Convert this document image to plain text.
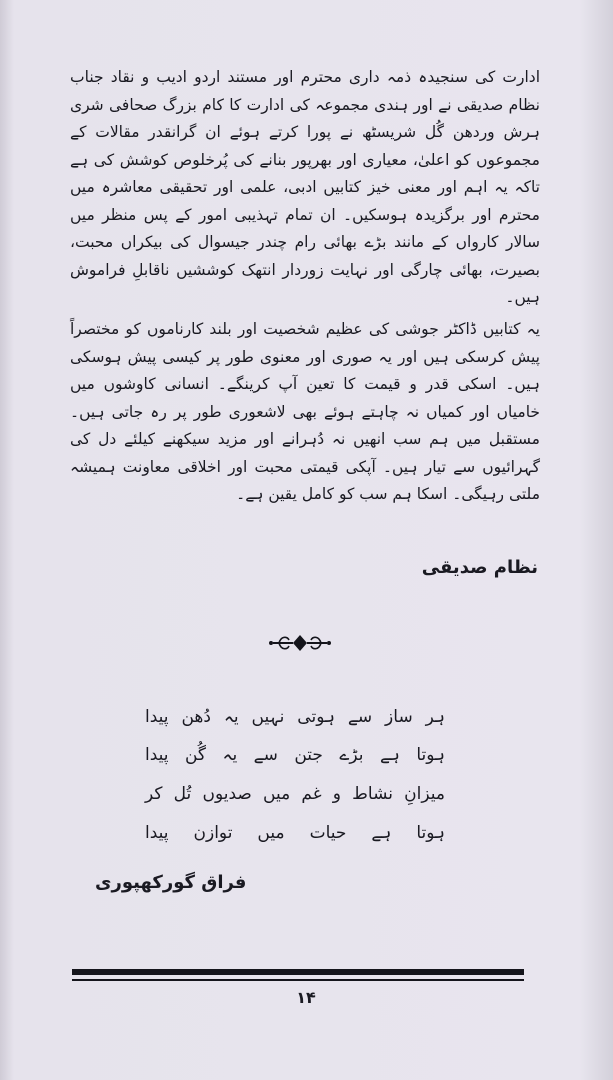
ادارت کی سنجیدہ ذمہ داری محترم اور مستند اردو ادیب و نقاد جناب نظام صدیقی نے اور ہندی مجموعہ کی ادارت کا کام بزرگ صحافی شری ہرش وردھن گُل شریسٹھ نے پورا کرتے ہوئے ان گرانقدر مقالات کے مجموعوں کو اعلیٰ، معیاری اور بھرپور بنانے کی پُرخلوص کوشش کی ہے تاکہ یہ اہم اور معنی خیز کتابیں ادبی، علمی اور تحقیقی معاشرہ میں محترم اور برگزیدہ ہوسکیں۔ ان تمام تہذیبی امور کے پس منظر میں سالار کارواں کے مانند بڑے بھائی رام چندر جیسوال کی بیکراں محبت، بصیرت، بھائی چارگی اور نہایت زوردار انتھک کوششیں ناقابلِ فراموش ہیں۔

یہ کتابیں ڈاکٹر جوشی کی عظیم شخصیت اور بلند کارناموں کو مختصراً پیش کرسکی ہیں اور یہ صوری اور معنوی طور پر کیسی پیش ہوسکی ہیں۔ اسکی قدر و قیمت کا تعین آپ کرینگے۔ انسانی کاوشوں میں خامیاں اور کمیاں نہ چاہتے ہوئے بھی لاشعوری طور پر رہ جاتی ہیں۔ مستقبل میں ہم سب انھیں نہ دُہرانے اور مزید سیکھنے کیلئے دل کی گہرائیوں سے تیار ہیں۔ آپکی قیمتی محبت اور اخلاقی معاونت ہمیشہ ملتی رہیگی۔ اسکا ہم سب کو کامل یقین ہے۔

نظام صدیقی

ہر ساز سے ہوتی نہیں یہ دُھن پیدا

ہوتا ہے بڑے جتن سے یہ گُن پیدا

میزانِ نشاط و غم میں صدیوں تُل کر

ہوتا ہے حیات میں توازن پیدا

فراق گورکھپوری

۱۴
